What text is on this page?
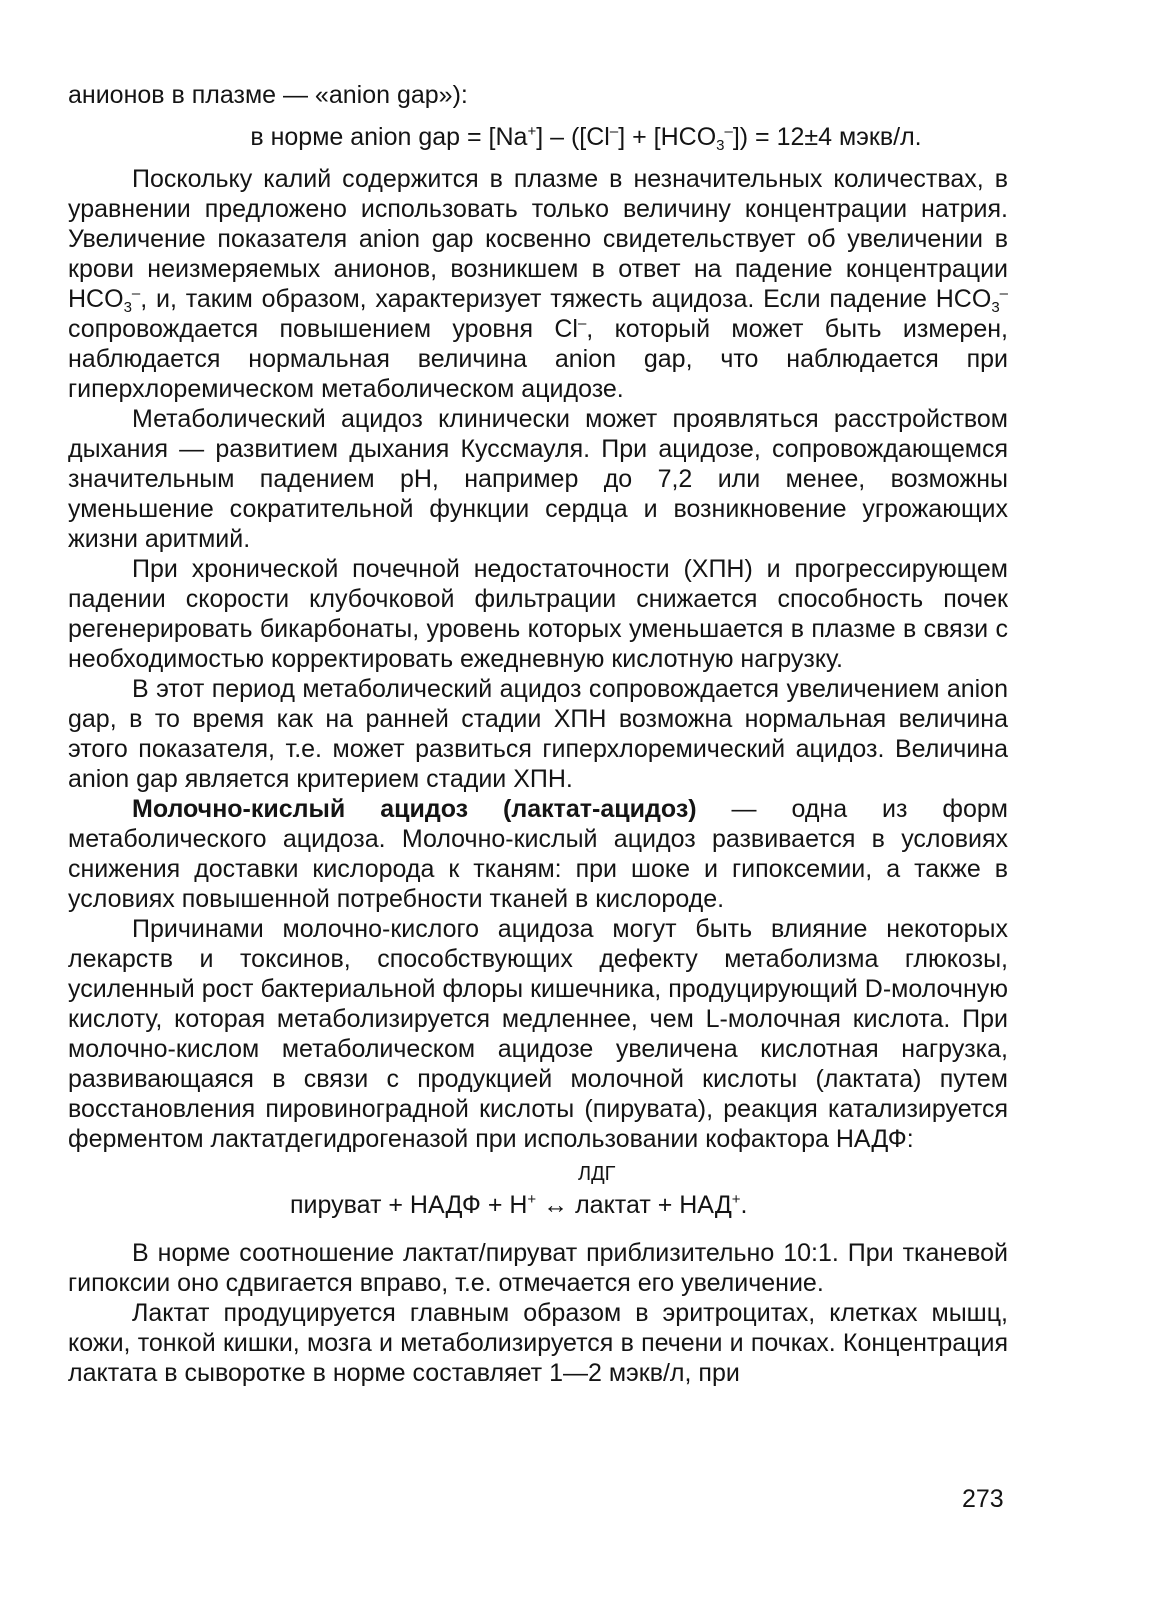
анионов в плазме — «anion gap»):

в норме anion gap = $[Na^+] - ([Cl^-] + [HCO_3^-]) = 12\pm 4$ мэкв/л.

Поскольку калий содержится в плазме в незначительных количествах, в уравнении предложено использовать только величину концентрации натрия. Увеличение показателя anion gap косвенно свидетельствует об увеличении в крови неизмеряемых анионов, возникшем в ответ на падение концентрации $HCO_3^-$, и, таким образом, характеризует тяжесть ацидоза. Если падение $HCO_3^-$ сопровождается повышением уровня Cl–, который может быть измерен, наблюдается нормальная величина anion gap, что наблюдается при гиперхлоремическом метаболическом ацидозе.

Метаболический ацидоз клинически может проявляться расстройством дыхания — развитием дыхания Куссмауля. При ацидозе, сопровождающемся значительным падением pH, например до 7,2 или менее, возможны уменьшение сократительной функции сердца и возникновение угрожающих жизни аритмий.

При хронической почечной недостаточности (ХПН) и прогрессирующем падении скорости клубочковой фильтрации снижается способность почек регенерировать бикарбонаты, уровень которых уменьшается в плазме в связи с необходимостью корректировать ежедневную кислотную нагрузку.

В этот период метаболический ацидоз сопровождается увеличением anion gap, в то время как на ранней стадии ХПН возможна нормальная величина этого показателя, т.е. может развиться гиперхлоремический ацидоз. Величина anion gap является критерием стадии ХПН.

Молочно-кислый ацидоз (лактат-ацидоз) — одна из форм метаболического ацидоза. Молочно-кислый ацидоз развивается в условиях снижения доставки кислорода к тканям: при шоке и гипоксемии, а также в условиях повышенной потребности тканей в кислороде.

Причинами молочно-кислого ацидоза могут быть влияние некоторых лекарств и токсинов, способствующих дефекту метаболизма глюкозы, усиленный рост бактериальной флоры кишечника, продуцирующий D-молочную кислоту, которая метаболизируется медленнее, чем L-молочная кислота. При молочно-кислом метаболическом ацидозе увеличена кислотная нагрузка, развивающаяся в связи с продукцией молочной кислоты (лактата) путем восстановления пировиноградной кислоты (пирувата), реакция катализируется ферментом лактатдегидрогеназой при использовании кофактора НАДФ:

ЛДГ
пируват + НАДФ + H+ ↔ лактат + НАД+.

В норме соотношение лактат/пируват приблизительно 10:1. При тканевой гипоксии оно сдвигается вправо, т.е. отмечается его увеличение.

Лактат продуцируется главным образом в эритроцитах, клетках мышц, кожи, тонкой кишки, мозга и метаболизируется в печени и почках. Концентрация лактата в сыворотке в норме составляет 1—2 мэкв/л, при

273
